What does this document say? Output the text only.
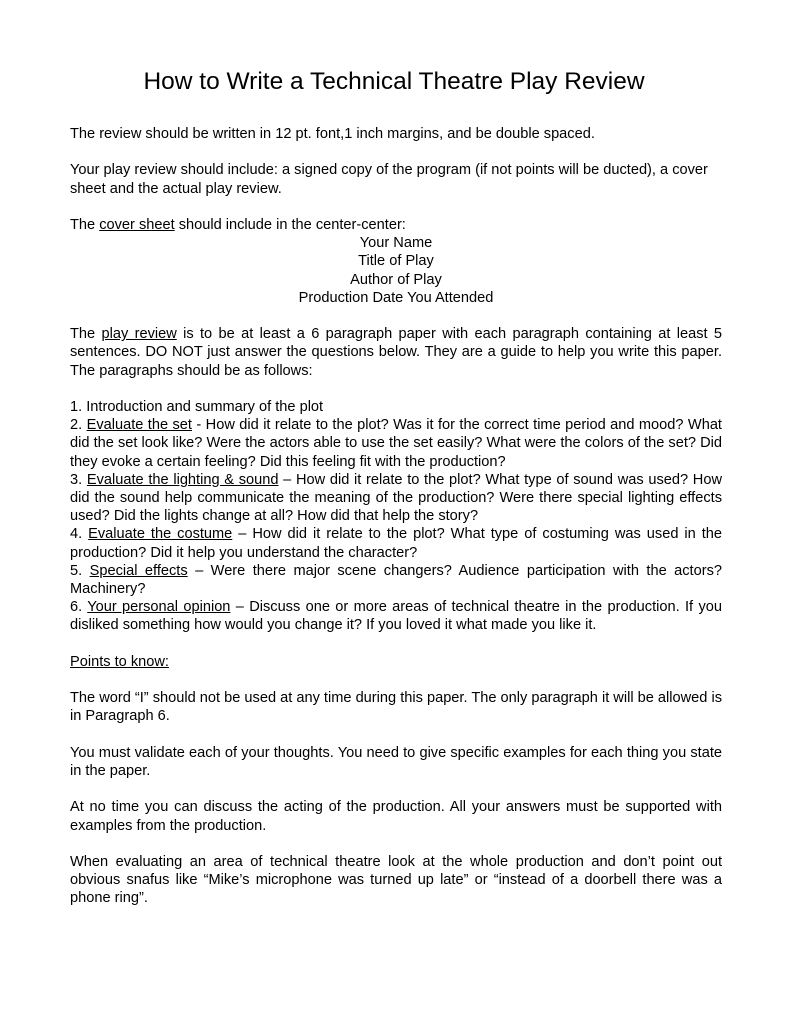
How to Write a Technical Theatre Play Review

The review should be written in 12 pt. font,1 inch margins, and be double spaced.

Your play review should include: a signed copy of the program (if not points will be ducted), a cover sheet and the actual play review.

The cover sheet should include in the center-center:

Your Name

Title of Play

Author of Play

Production Date You Attended

The play review is to be at least a 6 paragraph paper with each paragraph containing at least 5 sentences. DO NOT just answer the questions below. They are a guide to help you write this paper. The paragraphs should be as follows:

1. Introduction and summary of the plot

2. Evaluate the set - How did it relate to the plot? Was it for the correct time period and mood? What did the set look like? Were the actors able to use the set easily? What were the colors of the set? Did they evoke a certain feeling? Did this feeling fit with the production?

3. Evaluate the lighting & sound – How did it relate to the plot? What type of sound was used? How did the sound help communicate the meaning of the production? Were there special lighting effects used? Did the lights change at all? How did that help the story?

4. Evaluate the costume – How did it relate to the plot? What type of costuming was used in the production? Did it help you understand the character?

5. Special effects – Were there major scene changers? Audience participation with the actors? Machinery?

6. Your personal opinion – Discuss one or more areas of technical theatre in the production. If you disliked something how would you change it? If you loved it what made you like it.

Points to know:

The word “I” should not be used at any time during this paper. The only paragraph it will be allowed is in Paragraph 6.

You must validate each of your thoughts. You need to give specific examples for each thing you state in the paper.

At no time you can discuss the acting of the production. All your answers must be supported with examples from the production.

When evaluating an area of technical theatre look at the whole production and don’t point out obvious snafus like “Mike’s microphone was turned up late” or “instead of a doorbell there was a phone ring”.
